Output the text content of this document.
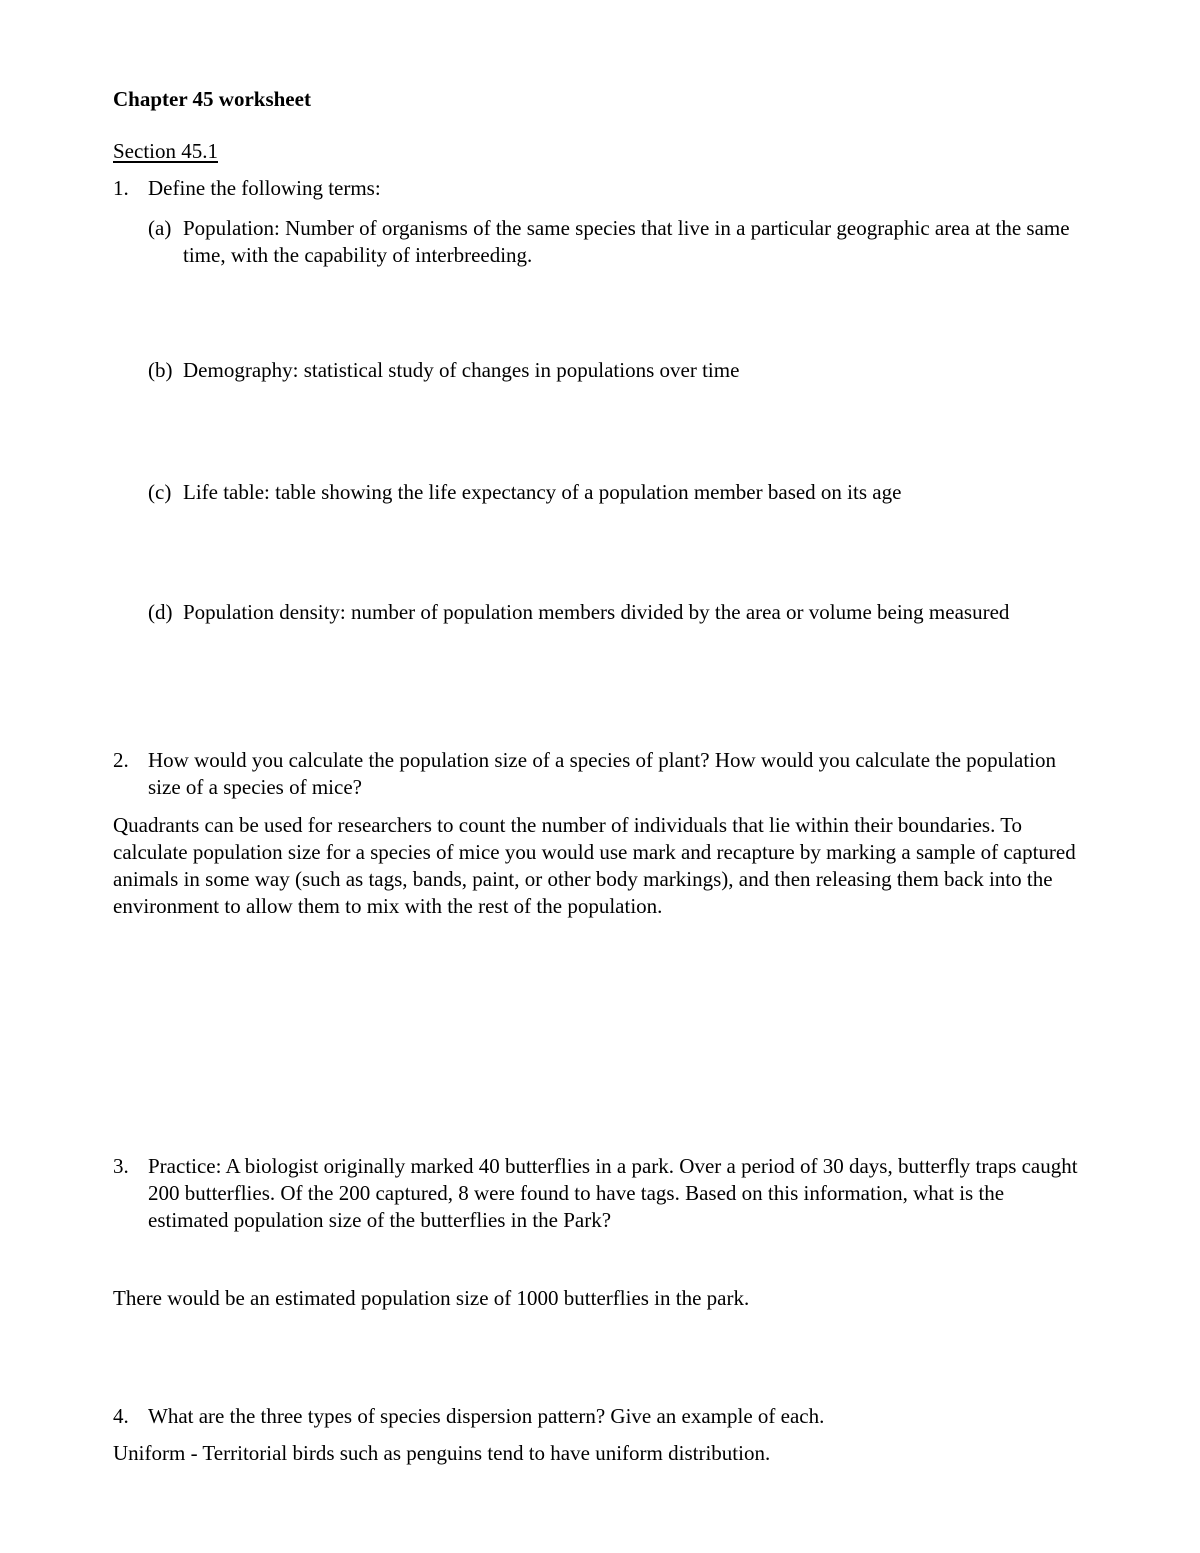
Chapter 45 worksheet
Section 45.1
1. Define the following terms:
(a) Population: Number of organisms of the same species that live in a particular geographic area at the same time, with the capability of interbreeding.
(b) Demography: statistical study of changes in populations over time
(c) Life table: table showing the life expectancy of a population member based on its age
(d) Population density: number of population members divided by the area or volume being measured
2. How would you calculate the population size of a species of plant? How would you calculate the population size of a species of mice?
Quadrants can be used for researchers to count the number of individuals that lie within their boundaries. To calculate population size for a species of mice you would use mark and recapture by marking a sample of captured animals in some way (such as tags, bands, paint, or other body markings), and then releasing them back into the environment to allow them to mix with the rest of the population.
3. Practice: A biologist originally marked 40 butterflies in a park. Over a period of 30 days, butterfly traps caught 200 butterflies. Of the 200 captured, 8 were found to have tags. Based on this information, what is the estimated population size of the butterflies in the Park?
There would be an estimated population size of 1000 butterflies in the park.
4. What are the three types of species dispersion pattern? Give an example of each.
Uniform - Territorial birds such as penguins tend to have uniform distribution.
